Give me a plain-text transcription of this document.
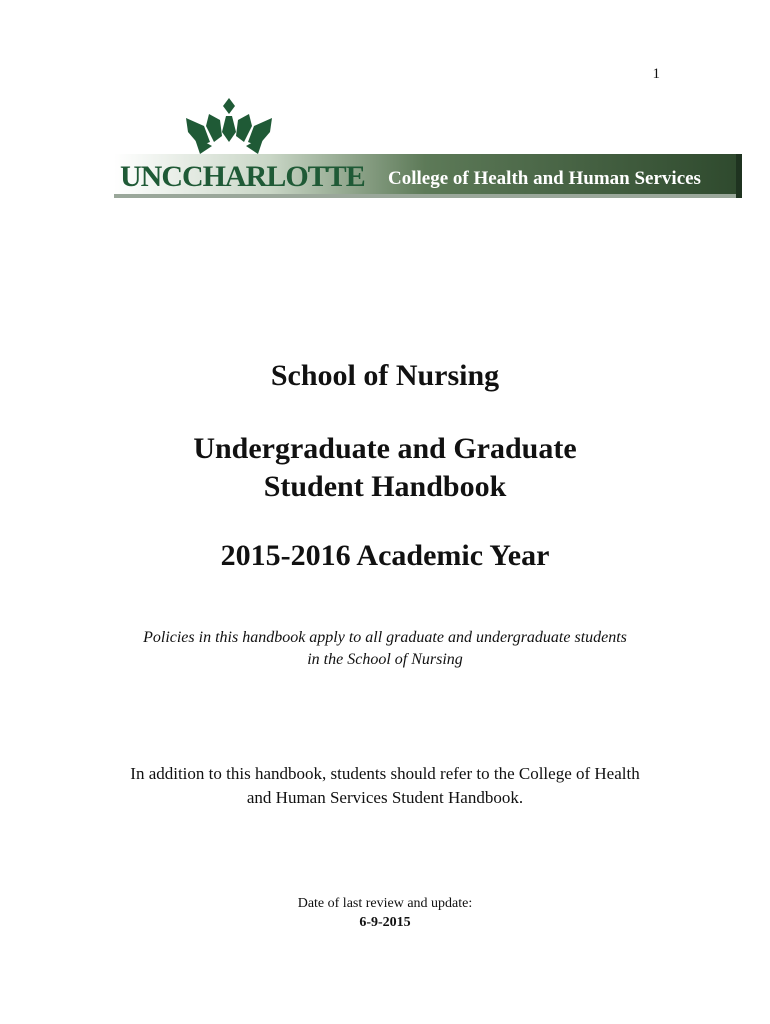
1
UNCCHARLOTTE College of Health and Human Services
School of Nursing
Undergraduate and Graduate
Student Handbook
2015-2016 Academic Year
Policies in this handbook apply to all graduate and undergraduate students
in the School of Nursing
In addition to this handbook, students should refer to the College of Health
and Human Services Student Handbook.
Date of last review and update:
6-9-2015
